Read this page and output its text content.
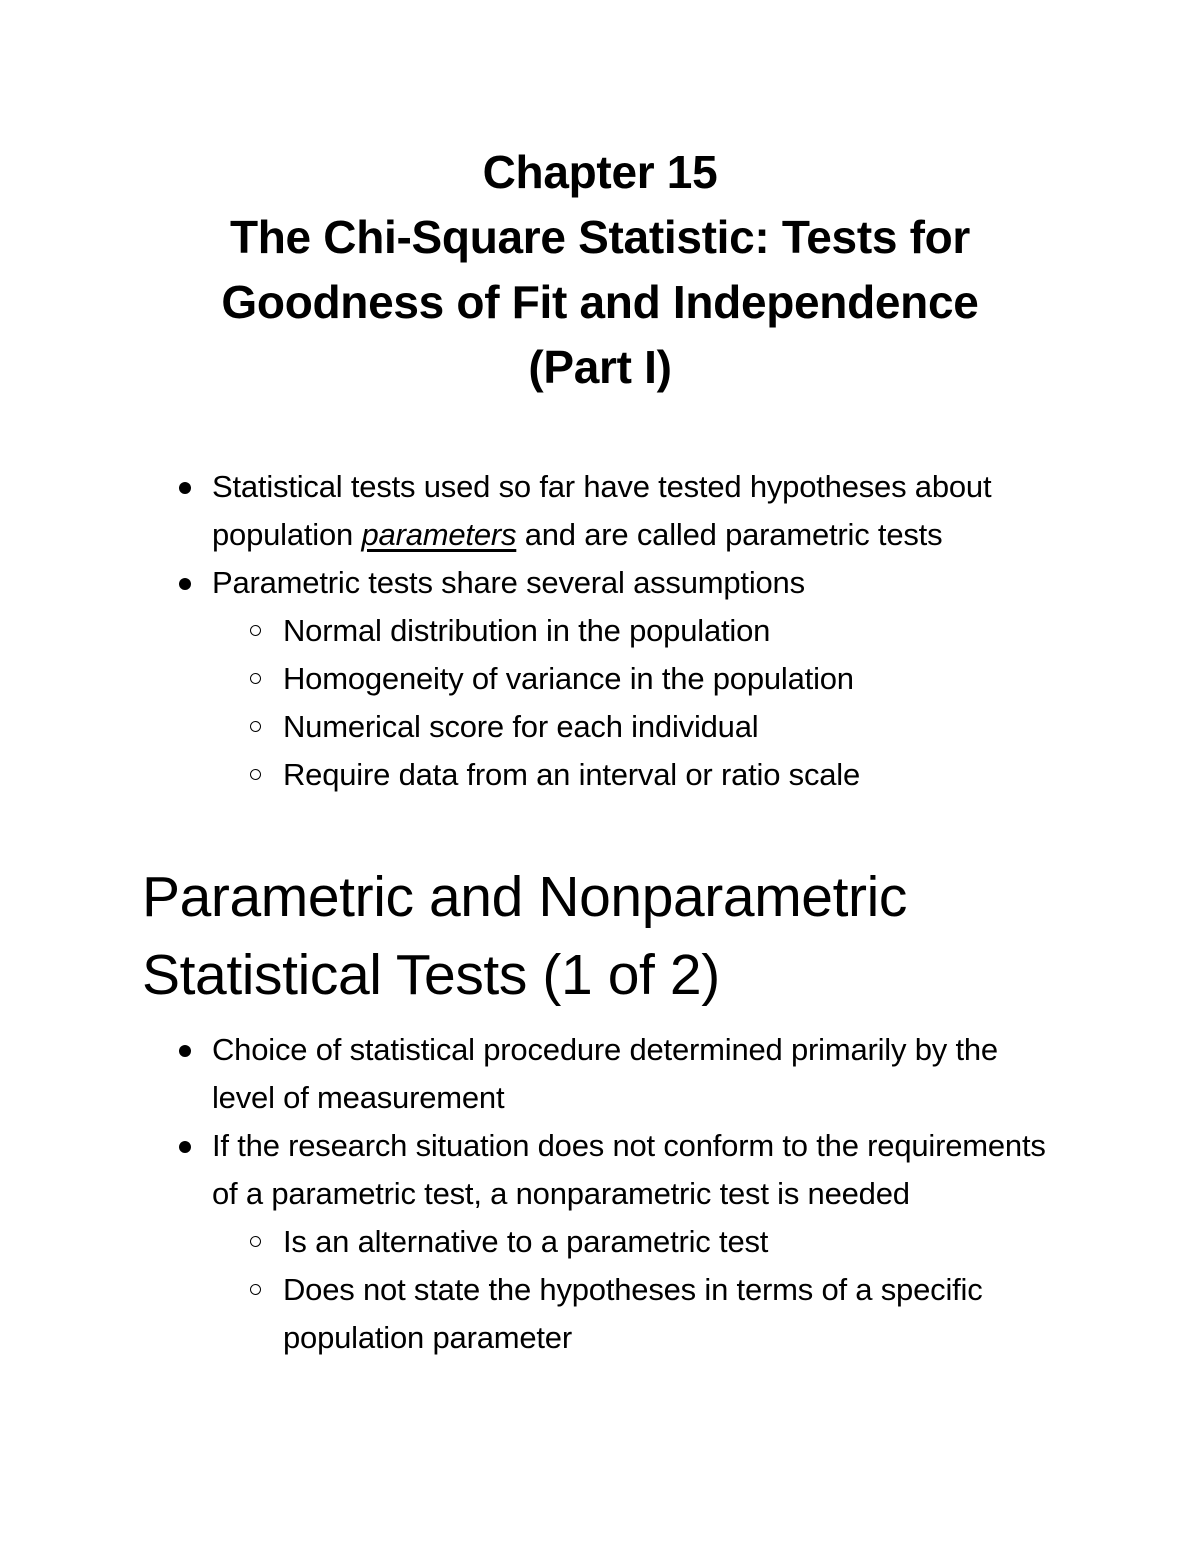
Chapter 15
The Chi-Square Statistic: Tests for
Goodness of Fit and Independence
(Part I)
Statistical tests used so far have tested hypotheses about population parameters and are called parametric tests
Parametric tests share several assumptions
Normal distribution in the population
Homogeneity of variance in the population
Numerical score for each individual
Require data from an interval or ratio scale
Parametric and Nonparametric Statistical Tests (1 of 2)
Choice of statistical procedure determined primarily by the level of measurement
If the research situation does not conform to the requirements of a parametric test, a nonparametric test is needed
Is an alternative to a parametric test
Does not state the hypotheses in terms of a specific population parameter
